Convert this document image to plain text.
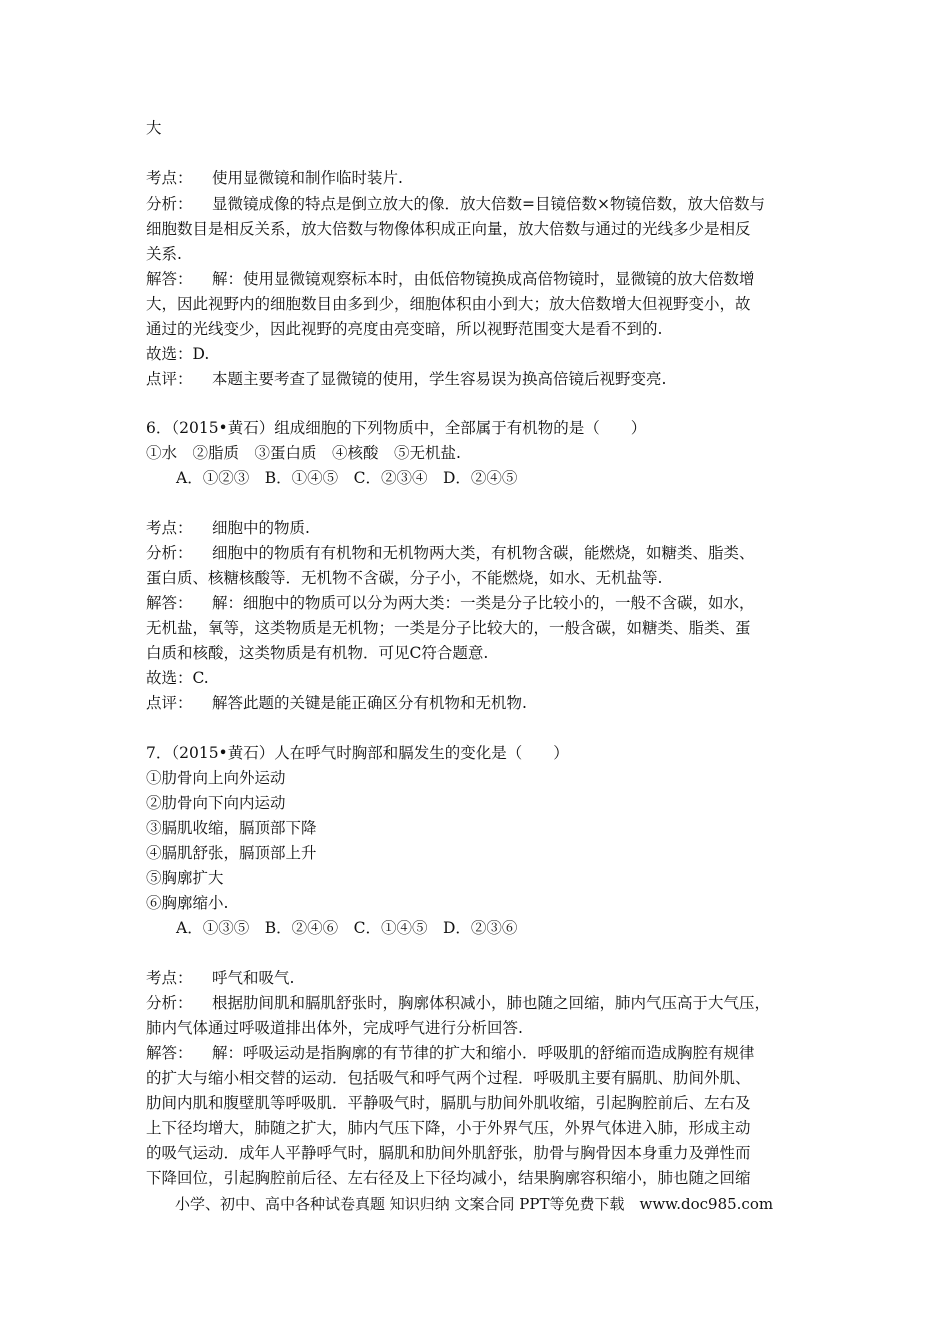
大
考点： 使用显微镜和制作临时装片.
分析： 显微镜成像的特点是倒立放大的像．放大倍数=目镜倍数×物镜倍数，放大倍数与
细胞数目是相反关系，放大倍数与物像体积成正向量，放大倍数与通过的光线多少是相反
关系.
解答： 解：使用显微镜观察标本时，由低倍物镜换成高倍物镜时，显微镜的放大倍数增
大，因此视野内的细胞数目由多到少，细胞体积由小到大；放大倍数增大但视野变小，故
通过的光线变少，因此视野的亮度由亮变暗，所以视野范围变大是看不到的.
故选：D.
点评： 本题主要考查了显微镜的使用，学生容易误为换高倍镜后视野变亮.
6．（2015•黄石）组成细胞的下列物质中，全部属于有机物的是（　　）
①水　②脂质　③蛋白质　④核酸　⑤无机盐.
A．①②③　B．①④⑤　C．②③④　D．②④⑤
考点： 细胞中的物质.
分析： 细胞中的物质有有机物和无机物两大类，有机物含碳，能燃烧，如糖类、脂类、
蛋白质、核糖核酸等．无机物不含碳，分子小，不能燃烧，如水、无机盐等.
解答： 解：细胞中的物质可以分为两大类：一类是分子比较小的，一般不含碳，如水，
无机盐，氧等，这类物质是无机物；一类是分子比较大的，一般含碳，如糖类、脂类、蛋
白质和核酸，这类物质是有机物．可见C符合题意.
故选：C.
点评： 解答此题的关键是能正确区分有机物和无机物.
7．（2015•黄石）人在呼气时胸部和膈发生的变化是（　　）
①肋骨向上向外运动
②肋骨向下向内运动
③膈肌收缩，膈顶部下降
④膈肌舒张，膈顶部上升
⑤胸廓扩大
⑥胸廓缩小.
A．①③⑤　B．②④⑥　C．①④⑤　D．②③⑥
考点： 呼气和吸气.
分析： 根据肋间肌和膈肌舒张时，胸廓体积减小，肺也随之回缩，肺内气压高于大气压，
肺内气体通过呼吸道排出体外，完成呼气进行分析回答.
解答： 解：呼吸运动是指胸廓的有节律的扩大和缩小．呼吸肌的舒缩而造成胸腔有规律
的扩大与缩小相交替的运动．包括吸气和呼气两个过程．呼吸肌主要有膈肌、肋间外肌、
肋间内肌和腹壁肌等呼吸肌．平静吸气时，膈肌与肋间外肌收缩，引起胸腔前后、左右及
上下径均增大，肺随之扩大，肺内气压下降，小于外界气压，外界气体进入肺，形成主动
的吸气运动．成年人平静呼气时，膈肌和肋间外肌舒张，肋骨与胸骨因本身重力及弹性而
下降回位，引起胸腔前后径、左右径及上下径均减小，结果胸廓容积缩小，肺也随之回缩
小学、初中、高中各种试卷真题 知识归纳 文案合同 PPT等免费下载　www.doc985.com
